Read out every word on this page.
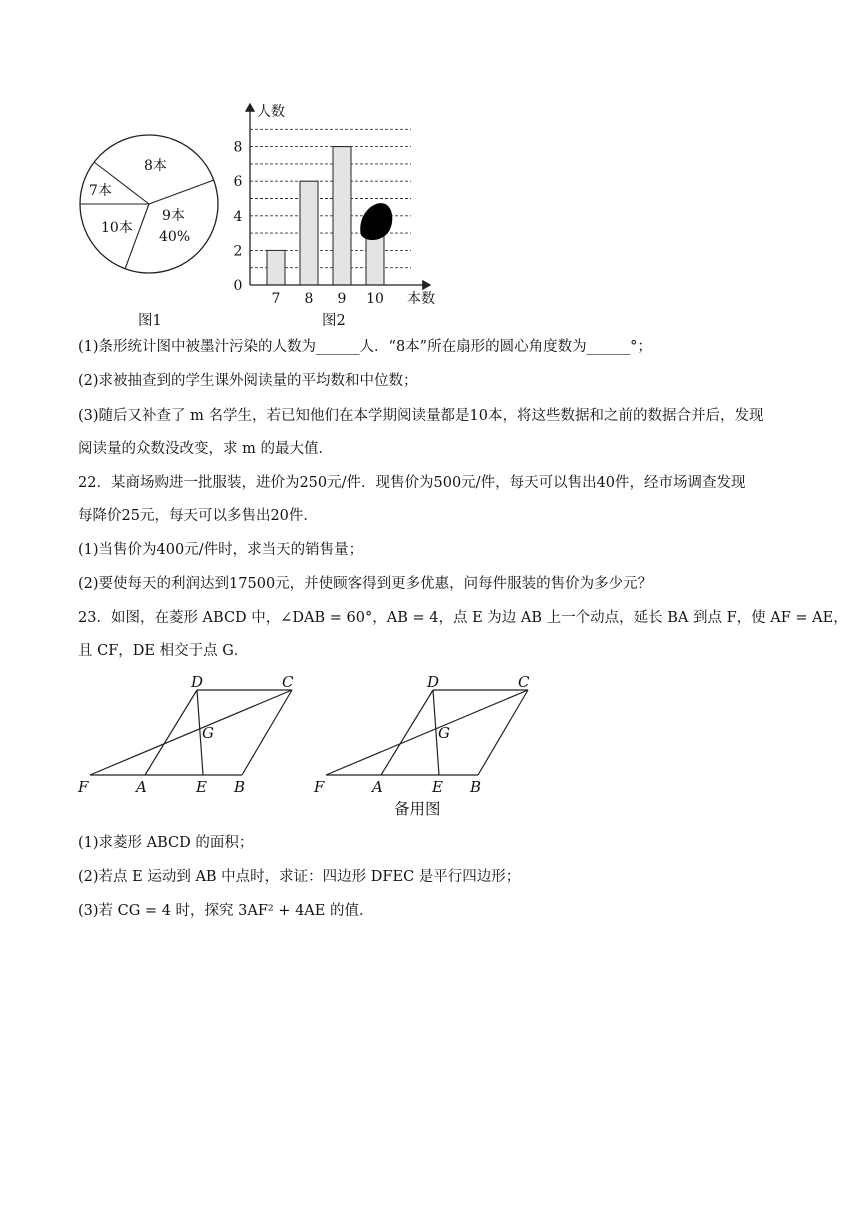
8本
7本
10本
9本
40%
图1
0
2
4
6
8
7 8 9 10
人数
本数
图2
(1)条形统计图中被墨汁污染的人数为______人．“8本”所在扇形的圆心角度数为______°；
(2)求被抽查到的学生课外阅读量的平均数和中位数；
(3)随后又补查了 m 名学生，若已知他们在本学期阅读量都是10本，将这些数据和之前的数据合并后，发现
阅读量的众数没改变，求 m 的最大值．
22．某商场购进一批服装，进价为250元/件．现售价为500元/件，每天可以售出40件，经市场调查发现
每降价25元，每天可以多售出20件．
(1)当售价为400元/件时，求当天的销售量；
(2)要使每天的利润达到17500元，并使顾客得到更多优惠，问每件服装的售价为多少元？
23．如图，在菱形 ABCD 中，∠DAB = 60°，AB = 4，点 E 为边 AB 上一个动点，延长 BA 到点 F，使 AF = AE，
且 CF，DE 相交于点 G．
D	C
G
F	A	E B
D	C
G
F	A	E B
备用图
(1)求菱形 ABCD 的面积；
(2)若点 E 运动到 AB 中点时，求证：四边形 DFEC 是平行四边形；
(3)若 CG = 4 时，探究 3AF² + 4AE 的值．
